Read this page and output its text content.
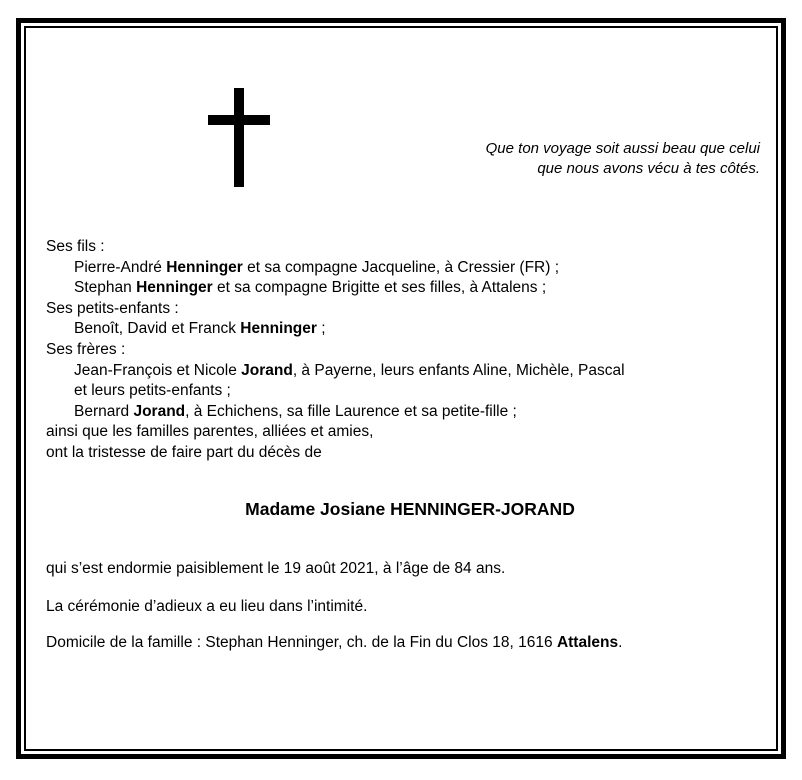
Que ton voyage soit aussi beau que celui
que nous avons vécu à tes côtés.
Ses fils :
Pierre-André Henninger et sa compagne Jacqueline, à Cressier (FR) ;
Stephan Henninger et sa compagne Brigitte et ses filles, à Attalens ;
Ses petits-enfants :
Benoît, David et Franck Henninger ;
Ses frères :
Jean-François et Nicole Jorand, à Payerne, leurs enfants Aline, Michèle, Pascal
et leurs petits-enfants ;
Bernard Jorand, à Echichens, sa fille Laurence et sa petite-fille ;
ainsi que les familles parentes, alliées et amies,
ont la tristesse de faire part du décès de
Madame Josiane HENNINGER-JORAND

qui s’est endormie paisiblement le 19 août 2021, à l’âge de 84 ans.

La cérémonie d’adieux a eu lieu dans l’intimité.

Domicile de la famille : Stephan Henninger, ch. de la Fin du Clos 18, 1616 Attalens.
